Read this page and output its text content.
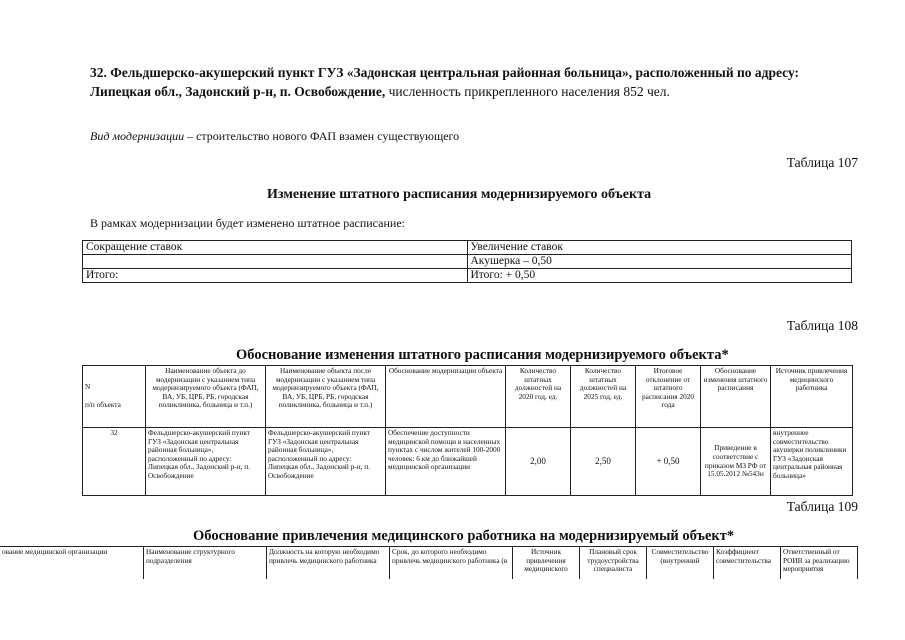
32. Фельдшерско-акушерский пункт ГУЗ «Задонская центральная районная больница», расположенный по адресу: Липецкая обл., Задонский р-н, п. Освобождение, численность прикрепленного населения 852 чел.
Вид модернизации – строительство нового ФАП взамен существующего
Таблица 107
Изменение штатного расписания модернизируемого объекта
В рамках модернизации будет изменено штатное расписание:
Сокращение ставок	Увеличение ставок
	Акушерка – 0,50
Итого:	Итого: + 0,50
Таблица 108
Обоснование изменения штатного расписания модернизируемого объекта*
N
п/п объекта	Наименование объекта до модернизации с указанием типа модернизируемого объекта (ФАП, ВА, УБ, ЦРБ, РБ, городская поликлиника, больница и т.п.)	Наименование объекта после модернизации с указанием типа модернизируемого объекта (ФАП, ВА, УБ, ЦРБ, РБ, городская поликлиника, больница и т.п.)	Обоснование модернизации объекта	Количество штатных должностей на 2020 год, ед.	Количество штатных должностей на 2025 год, ед.	Итоговое отклонение от штатного расписания 2020 года	Обоснование изменения штатного расписания	Источник привлечения медицинского работника
32	Фельдшерско-акушерский пункт ГУЗ «Задонская центральная районная больница», расположенный по адресу: Липецкая обл., Задонский р-н, п. Освобождение	Фельдшерско-акушерский пункт ГУЗ «Задонская центральная районная больница», расположенный по адресу: Липецкая обл., Задонский р-н, п. Освобождение	Обеспечение доступности медицинской помощи в населенных пунктах с числом жителей 100-2000 человек: 6 км до ближайшей медицинской организации	2,00	2,50	+ 0,50	Приведение в соответствие с приказом МЗ РФ от 15.05.2012 №543н	внутреннее совместительство акушерки поликлиники ГУЗ «Задонская центральная районная больница»
Таблица 109
Обоснование привлечения медицинского работника на модернизируемый объект*
ование медицинской организации	Наименование структурного подразделения	Должность на которую необходимо привлечь медицинского работника	Срок, до которого необходимо привлечь медицинского работника (в	Источник привлечения медицинского	Плановый срок трудоустройства специалиста	Совместительство (внутренний	Коэффициент совместительства	Ответственный от РОИВ за реализацию мероприятия
